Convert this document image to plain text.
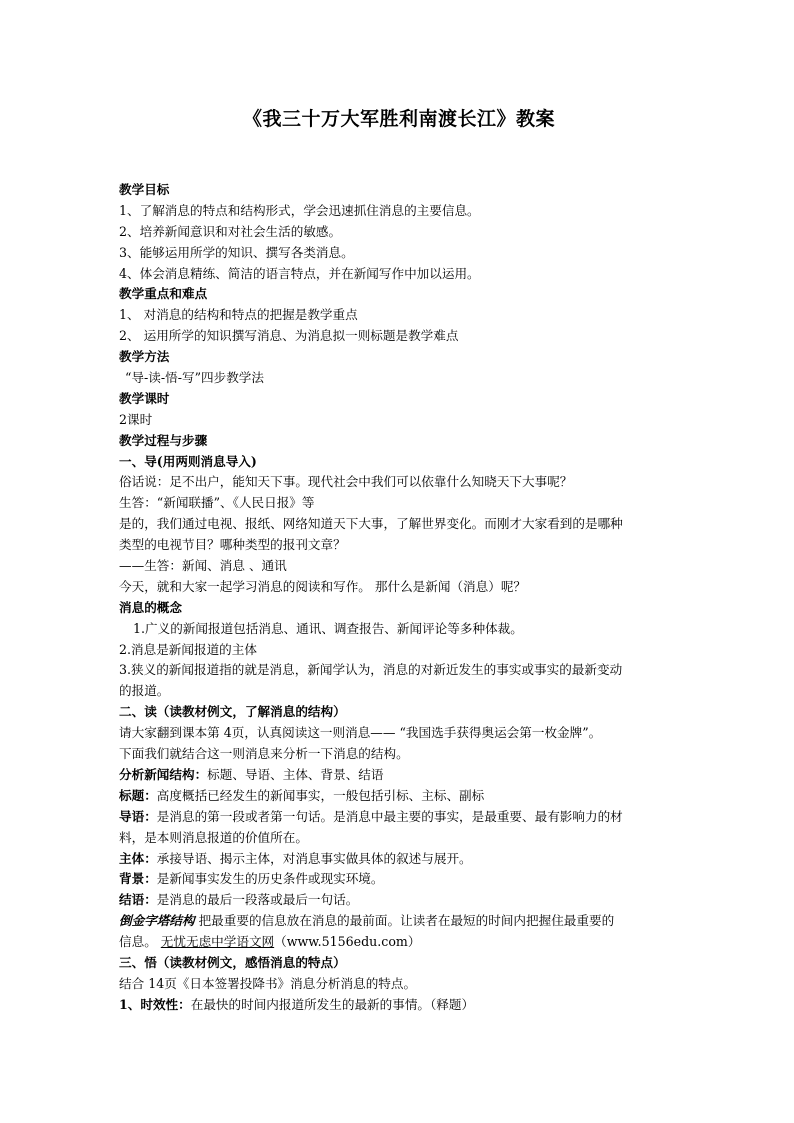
《我三十万大军胜利南渡长江》教案
教学目标
1、了解消息的特点和结构形式，学会迅速抓住消息的主要信息。
2、培养新闻意识和对社会生活的敏感。
3、能够运用所学的知识、撰写各类消息。
4、体会消息精练、简洁的语言特点，并在新闻写作中加以运用。
教学重点和难点
1、 对消息的结构和特点的把握是教学重点
2、 运用所学的知识撰写消息、为消息拟一则标题是教学难点
教学方法
“导-读-悟-写”四步教学法
教学课时
2课时
教学过程与步骤
一、导(用两则消息导入)
俗话说：足不出户，能知天下事。现代社会中我们可以依靠什么知晓天下大事呢？
生答：“新闻联播”、《人民日报》等
是的，我们通过电视、报纸、网络知道天下大事，了解世界变化。而刚才大家看到的是哪种
类型的电视节目？哪种类型的报刊文章？
——生答：新闻、消息 、通讯
今天，就和大家一起学习消息的阅读和写作。 那什么是新闻（消息）呢？
消息的概念
1.广义的新闻报道包括消息、通讯、调查报告、新闻评论等多种体裁。
2.消息是新闻报道的主体
3.狭义的新闻报道指的就是消息，新闻学认为，消息的对新近发生的事实或事实的最新变动
的报道。
二、读（读教材例文，了解消息的结构）
请大家翻到课本第 4页，认真阅读这一则消息—— “我国选手获得奥运会第一枚金牌”。
下面我们就结合这一则消息来分析一下消息的结构。
分析新闻结构：标题、导语、主体、背景、结语
标题：高度概括已经发生的新闻事实，一般包括引标、主标、副标
导语：是消息的第一段或者第一句话。是消息中最主要的事实，是最重要、最有影响力的材
料，是本则消息报道的价值所在。
主体：承接导语、揭示主体，对消息事实做具体的叙述与展开。
背景：是新闻事实发生的历史条件或现实环境。
结语：是消息的最后一段落或最后一句话。
倒金字塔结构 把最重要的信息放在消息的最前面。让读者在最短的时间内把握住最重要的
信息。 无忧无虑中学语文网（www.5156edu.com）
三、悟（读教材例文，感悟消息的特点）
结合 14页《日本签署投降书》消息分析消息的特点。
1、时效性：在最快的时间内报道所发生的最新的事情。（释题）
